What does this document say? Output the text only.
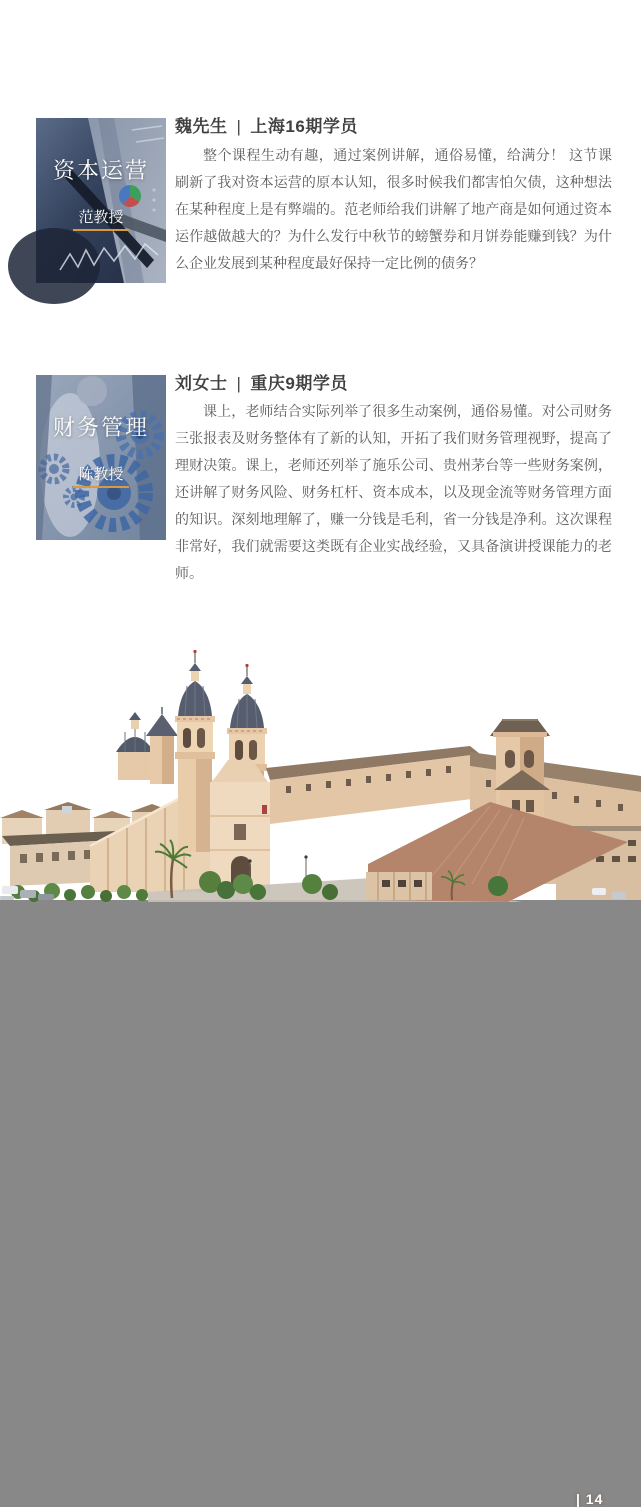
资本运营
范教授
魏先生 | 上海16期学员
整个课程生动有趣，通过案例讲解，通俗易懂，给满分！ 这节课刷新了我对资本运营的原本认知，很多时候我们都害怕欠债，这种想法在某种程度上是有弊端的。范老师给我们讲解了地产商是如何通过资本运作越做越大的？为什么发行中秋节的螃蟹券和月饼券能赚到钱？为什么企业发展到某种程度最好保持一定比例的债务？
财务管理
陈教授
刘女士 | 重庆9期学员
课上，老师结合实际列举了很多生动案例，通俗易懂。对公司财务三张报表及财务整体有了新的认知，开拓了我们财务管理视野，提高了理财决策。课上，老师还列举了施乐公司、贵州茅台等一些财务案例，还讲解了财务风险、财务杠杆、资本成本，以及现金流等财务管理方面的知识。深刻地理解了，赚一分钱是毛利，省一分钱是净利。这次课程非常好，我们就需要这类既有企业实战经验，又具备演讲授课能力的老师。
| 14
